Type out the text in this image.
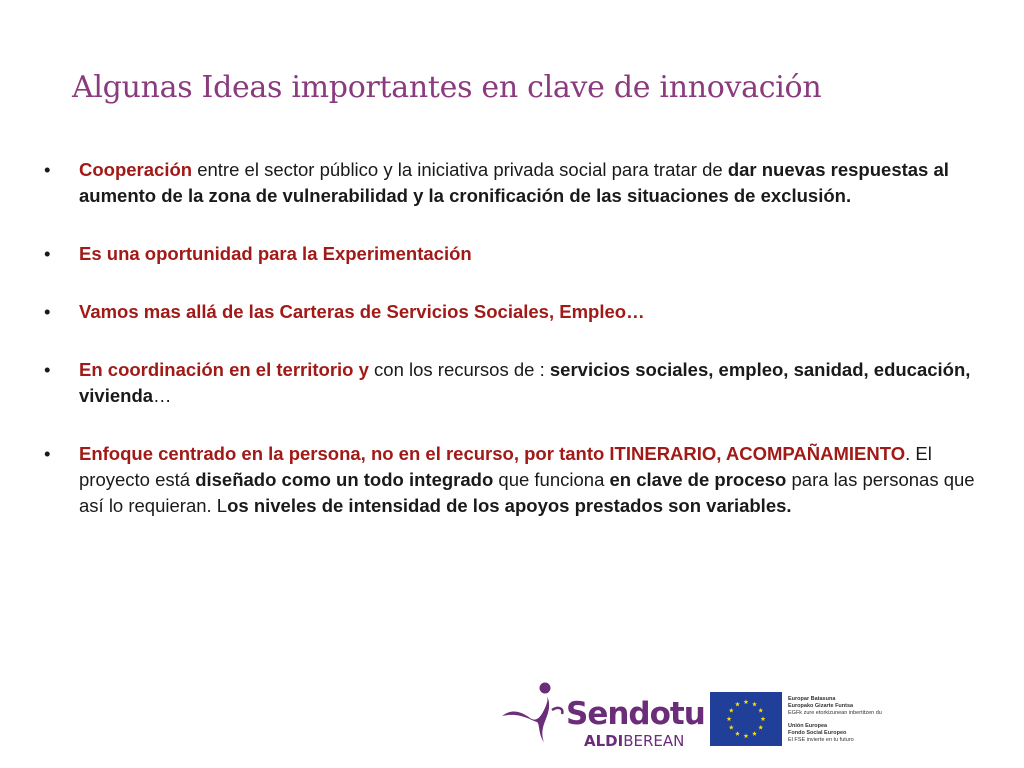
Algunas Ideas importantes en clave de innovación
• Cooperación entre el sector público y la iniciativa privada social para tratar de dar nuevas respuestas al aumento de la zona de vulnerabilidad y la cronificación de las situaciones de exclusión.
• Es una oportunidad para la Experimentación
• Vamos mas allá de las Carteras de Servicios Sociales, Empleo…
• En coordinación en el territorio y con los recursos de : servicios sociales, empleo, sanidad, educación, vivienda…
• Enfoque centrado en la persona, no en el recurso, por tanto ITINERARIO, ACOMPAÑAMIENTO. El proyecto está diseñado como un todo integrado que funciona en clave de proceso para las personas que así lo requieran. Los niveles de intensidad de los apoyos prestados son variables.
Sendotu
ALDIBEREAN
Europar Batasuna
Europako Gizarte Funtsa
EGFk zure etorkizunean inbertitzen du
Unión Europea
Fondo Social Europeo
El FSE invierte en tu futuro
